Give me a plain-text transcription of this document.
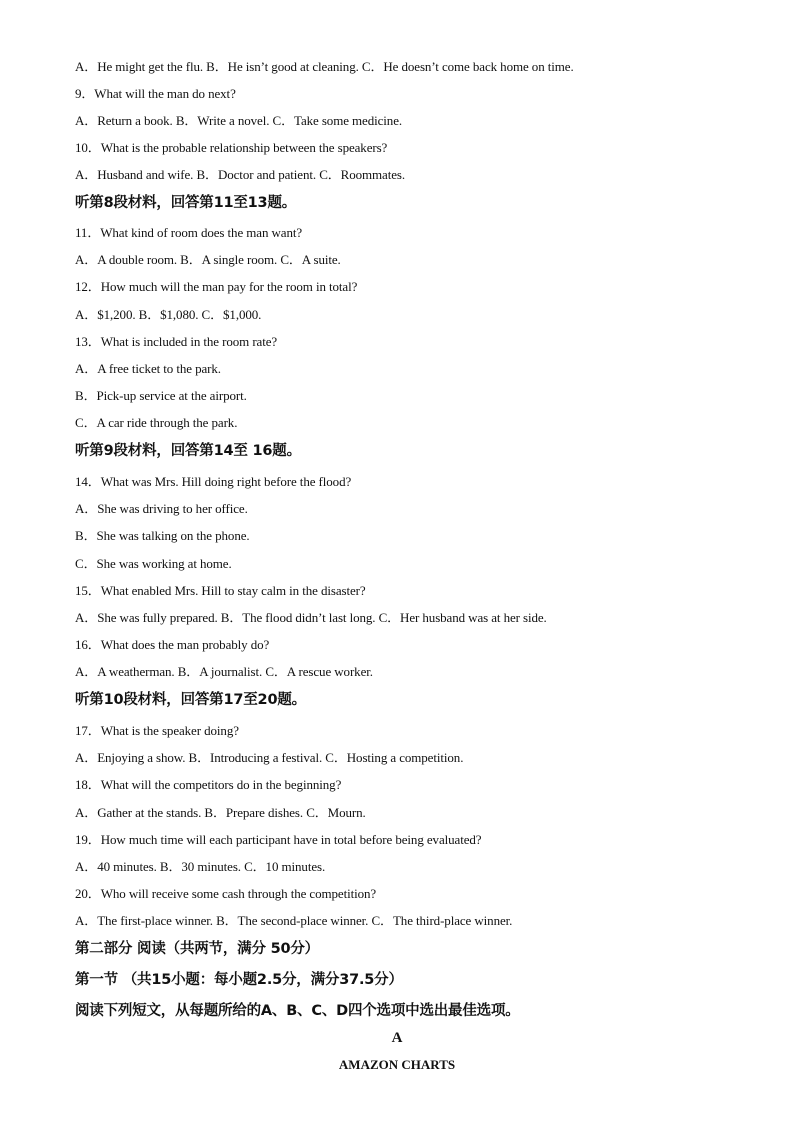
A．He might get the flu. B．He isn’t good at cleaning. C．He doesn’t come back home on time.
9．What will the man do next?
A．Return a book. B．Write a novel. C．Take some medicine.
10．What is the probable relationship between the speakers?
A．Husband and wife. B．Doctor and patient. C．Roommates.
听第8段材料，回答第11至13题。
11．What kind of room does the man want?
A．A double room. B．A single room. C．A suite.
12．How much will the man pay for the room in total?
A．$1,200. B．$1,080. C．$1,000.
13．What is included in the room rate?
A．A free ticket to the park.
B．Pick-up service at the airport.
C．A car ride through the park.
听第9段材料，回答第14至 16题。
14．What was Mrs. Hill doing right before the flood?
A．She was driving to her office.
B．She was talking on the phone.
C．She was working at home.
15．What enabled Mrs. Hill to stay calm in the disaster?
A．She was fully prepared. B．The flood didn’t last long. C．Her husband was at her side.
16．What does the man probably do?
A．A weatherman. B．A journalist. C．A rescue worker.
听第10段材料，回答第17至20题。
17．What is the speaker doing?
A．Enjoying a show. B．Introducing a festival. C．Hosting a competition.
18．What will the competitors do in the beginning?
A．Gather at the stands. B．Prepare dishes. C．Mourn.
19．How much time will each participant have in total before being evaluated?
A．40 minutes. B．30 minutes. C．10 minutes.
20．Who will receive some cash through the competition?
A．The first-place winner. B．The second-place winner. C．The third-place winner.
第二部分 阅读（共两节，满分 50分）
第一节 （共15小题：每小题2.5分，满分37.5分）
阅读下列短文，从每题所给的A、B、C、D四个选项中选出最佳选项。
A
AMAZON CHARTS
